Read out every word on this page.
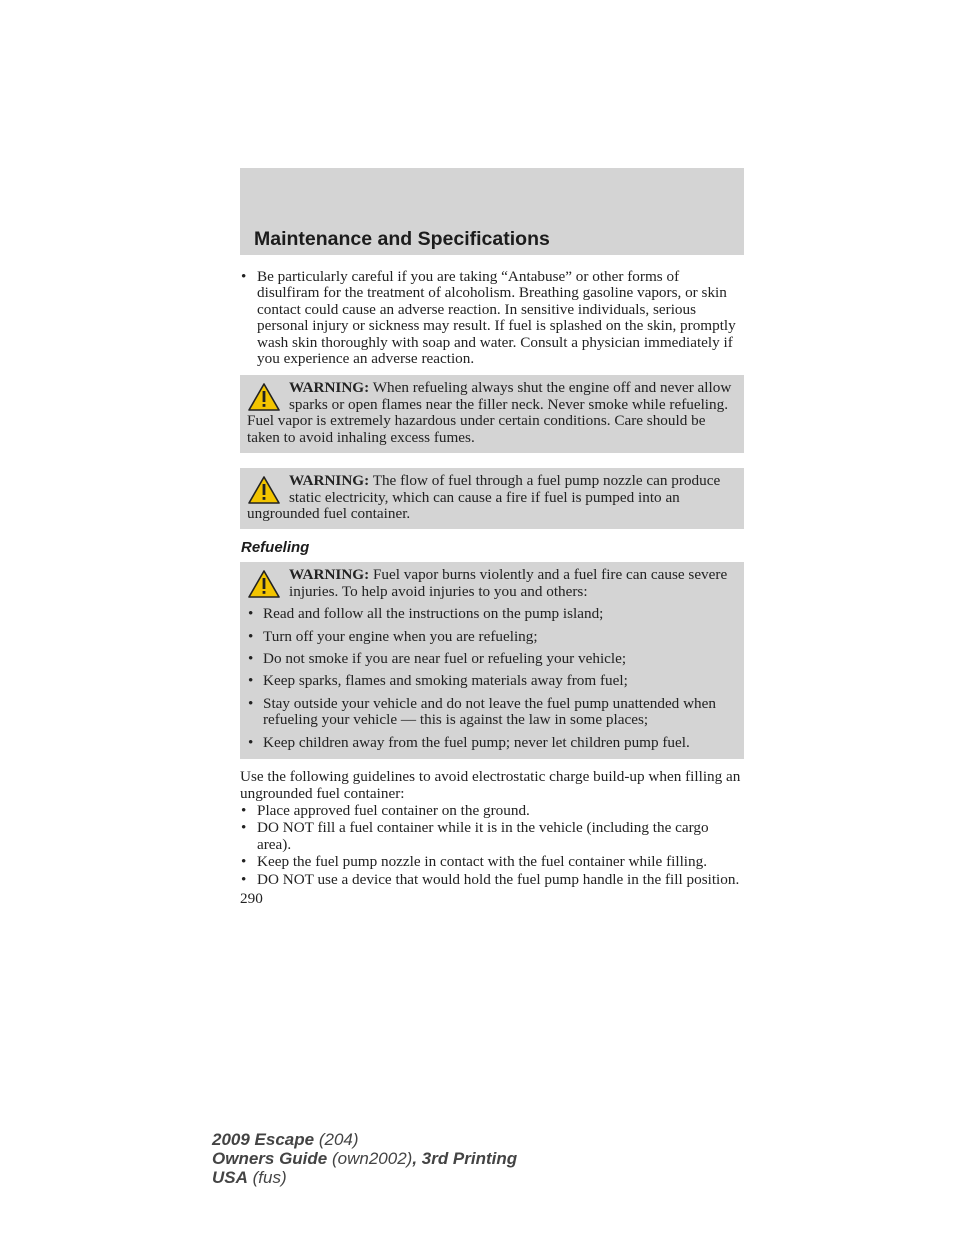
Maintenance and Specifications
• Be particularly careful if you are taking “Antabuse” or other forms of disulfiram for the treatment of alcoholism. Breathing gasoline vapors, or skin contact could cause an adverse reaction. In sensitive individuals, serious personal injury or sickness may result. If fuel is splashed on the skin, promptly wash skin thoroughly with soap and water. Consult a physician immediately if you experience an adverse reaction.
WARNING: When refueling always shut the engine off and never allow sparks or open flames near the filler neck. Never smoke while refueling. Fuel vapor is extremely hazardous under certain conditions. Care should be taken to avoid inhaling excess fumes.
WARNING: The flow of fuel through a fuel pump nozzle can produce static electricity, which can cause a fire if fuel is pumped into an ungrounded fuel container.
Refueling
WARNING: Fuel vapor burns violently and a fuel fire can cause severe injuries. To help avoid injuries to you and others:
• Read and follow all the instructions on the pump island;
• Turn off your engine when you are refueling;
• Do not smoke if you are near fuel or refueling your vehicle;
• Keep sparks, flames and smoking materials away from fuel;
• Stay outside your vehicle and do not leave the fuel pump unattended when refueling your vehicle — this is against the law in some places;
• Keep children away from the fuel pump; never let children pump fuel.
Use the following guidelines to avoid electrostatic charge build-up when filling an ungrounded fuel container:
• Place approved fuel container on the ground.
• DO NOT fill a fuel container while it is in the vehicle (including the cargo area).
• Keep the fuel pump nozzle in contact with the fuel container while filling.
• DO NOT use a device that would hold the fuel pump handle in the fill position.
290
2009 Escape (204)
Owners Guide (own2002), 3rd Printing
USA (fus)
